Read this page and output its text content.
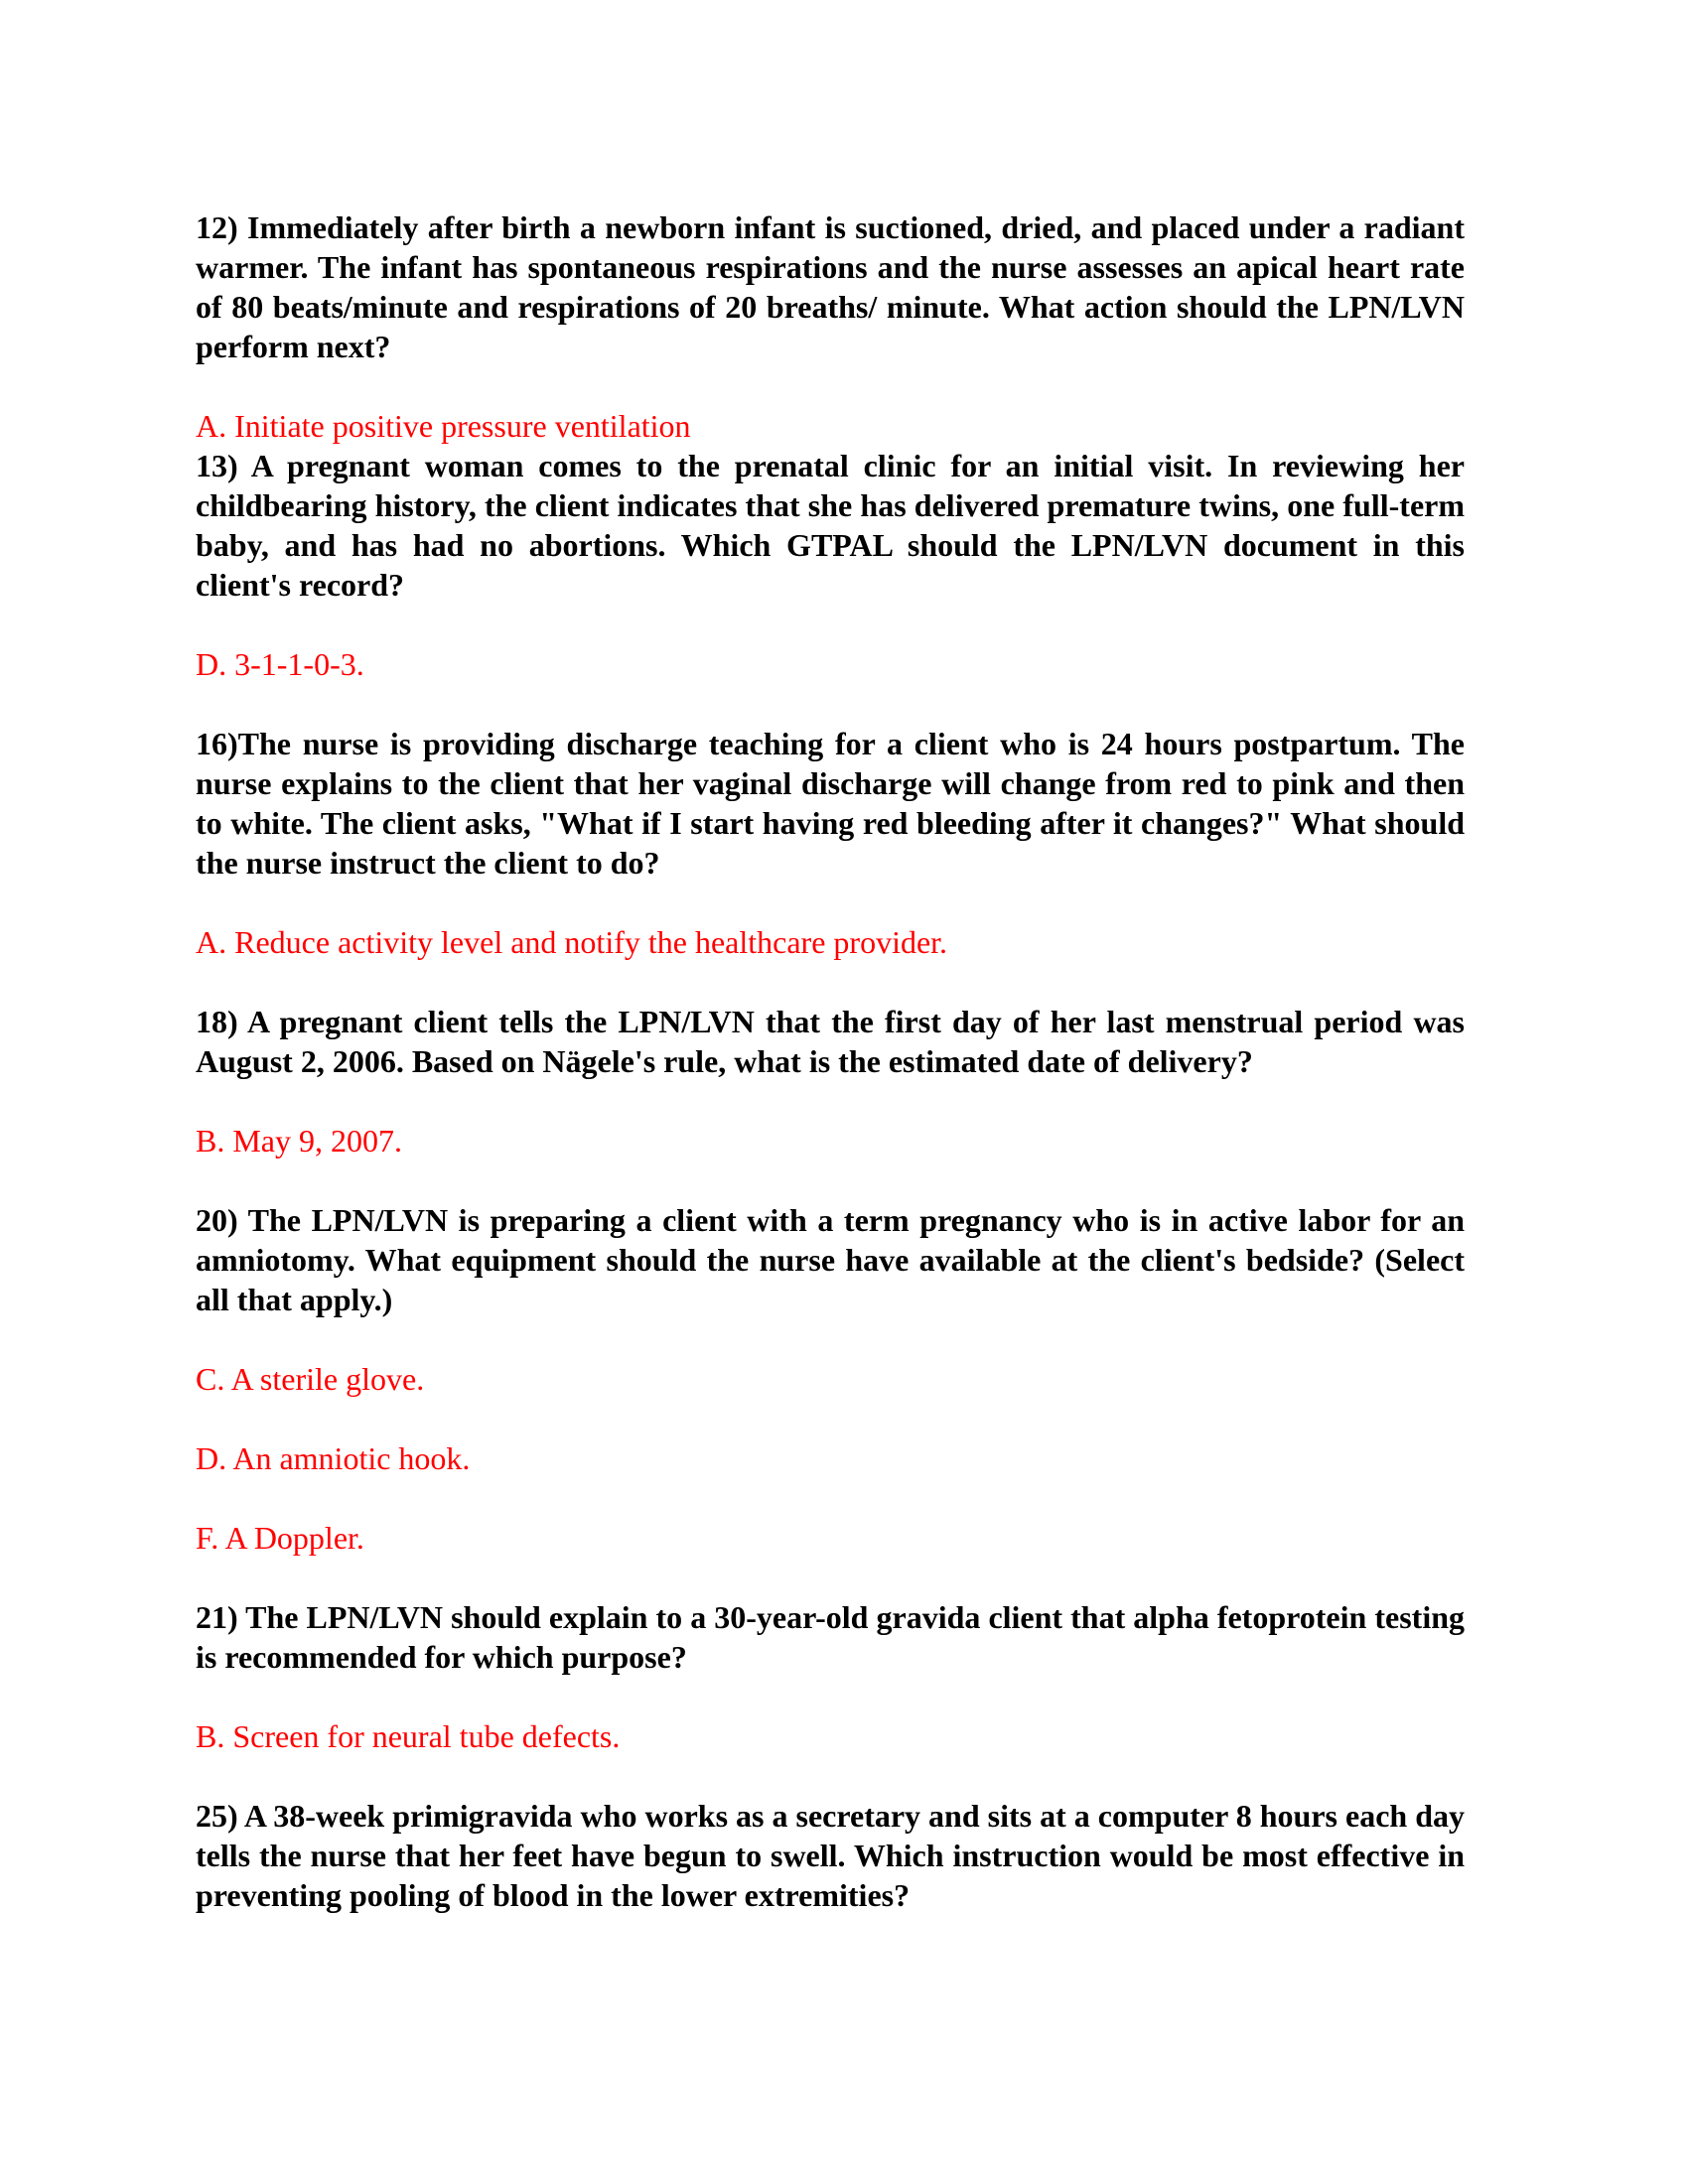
12) Immediately after birth a newborn infant is suctioned, dried, and placed under a radiant warmer. The infant has spontaneous respirations and the nurse assesses an apical heart rate of 80 beats/minute and respirations of 20 breaths/ minute. What action should the LPN/LVN perform next?

A. Initiate positive pressure ventilation

13) A pregnant woman comes to the prenatal clinic for an initial visit. In reviewing her childbearing history, the client indicates that she has delivered premature twins, one full-term baby, and has had no abortions. Which GTPAL should the LPN/LVN document in this client's record?

D. 3-1-1-0-3.

16)The nurse is providing discharge teaching for a client who is 24 hours postpartum. The nurse explains to the client that her vaginal discharge will change from red to pink and then to white. The client asks, "What if I start having red bleeding after it changes?" What should the nurse instruct the client to do?

A. Reduce activity level and notify the healthcare provider.

18) A pregnant client tells the LPN/LVN that the first day of her last menstrual period was August 2, 2006. Based on Nägele's rule, what is the estimated date of delivery?

B. May 9, 2007.

20) The LPN/LVN is preparing a client with a term pregnancy who is in active labor for an amniotomy. What equipment should the nurse have available at the client's bedside? (Select all that apply.)

C. A sterile glove.

D. An amniotic hook.

F. A Doppler.

21) The LPN/LVN should explain to a 30-year-old gravida client that alpha fetoprotein testing is recommended for which purpose?

B. Screen for neural tube defects.

25) A 38-week primigravida who works as a secretary and sits at a computer 8 hours each day tells the nurse that her feet have begun to swell. Which instruction would be most effective in preventing pooling of blood in the lower extremities?
